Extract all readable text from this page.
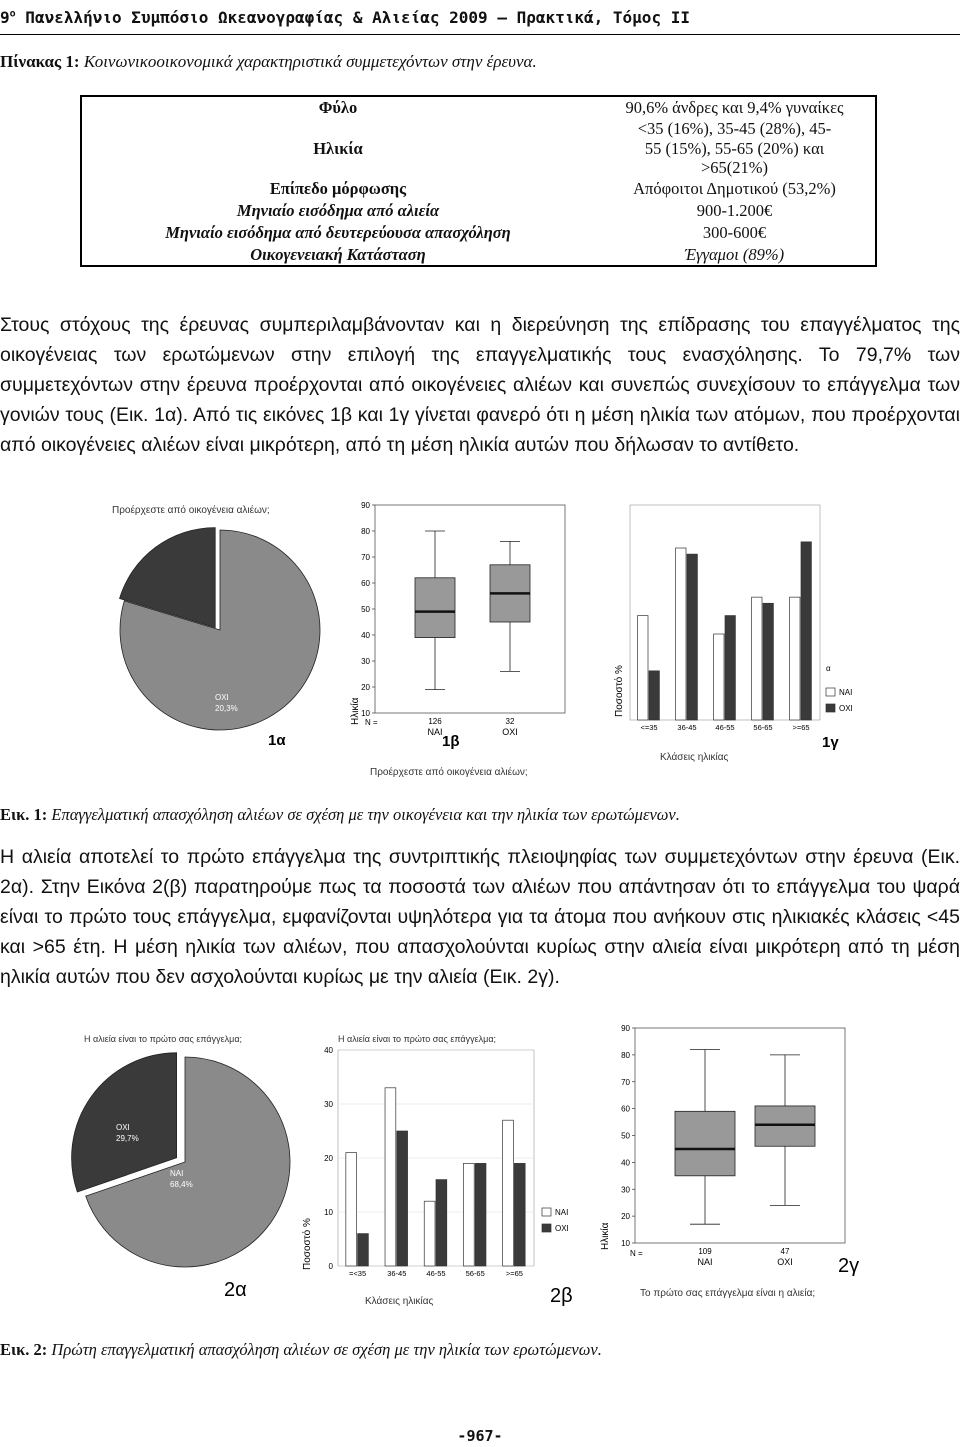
$9^o$ Πανελλήνιο Συμπόσιο Ωκεανογραφίας & Αλιείας 2009 – Πρακτικά, Τόμος ΙΙ
Πίνακας 1: Κοινωνικοοικονομικά χαρακτηριστικά συμμετεχόντων στην έρευνα.
Φύλο	90,6% άνδρες και 9,4% γυναίκες
Ηλικία	<35 (16%), 35-45 (28%), 45-55 (15%), 55-65 (20%) και >65(21%)
Επίπεδο μόρφωσης	Απόφοιτοι Δημοτικού (53,2%)
Μηνιαίο εισόδημα από αλιεία	900-1.200€
Μηνιαίο εισόδημα από δευτερεύουσα απασχόληση	300-600€
Οικογενειακή Κατάσταση	Έγγαμοι (89%)

Στους στόχους της έρευνας συμπεριλαμβάνονταν και η διερεύνηση της επίδρασης του επαγγέλματος της οικογένειας των ερωτώμενων στην επιλογή της επαγγελματικής τους ενασχόλησης. Το 79,7% των συμμετεχόντων στην έρευνα προέρχονται από οικογένειες αλιέων και συνεπώς συνεχίσουν το επάγγελμα των γονιών τους (Εικ. 1α). Από τις εικόνες 1β και 1γ γίνεται φανερό ότι η μέση ηλικία των ατόμων, που προέρχονται από οικογένειες αλιέων είναι μικρότερη, από τη μέση ηλικία αυτών που δήλωσαν το αντίθετο.

Προέρχεστε από οικογένεια αλιέων;
1α
ΟΧΙ
20,3%	Ηλικία N =
1β
Προέρχεστε από οικογένεια αλιέων;
10
20
30
40
50
60
70
80
90
126
ΝΑΙ
32
ΟΧΙ
Ποσοστό %
Κλάσεις ηλικίας
α
1γ
<=35	36-45	46-55	56-65	>=65
ΝΑΙ
ΟΧΙ
Εικ. 1: Επαγγελματική απασχόληση αλιέων σε σχέση με την οικογένεια και την ηλικία των ερωτώμενων.

Η αλιεία αποτελεί το πρώτο επάγγελμα της συντριπτικής πλειοψηφίας των συμμετεχόντων στην έρευνα (Εικ. 2α). Στην Εικόνα 2(β) παρατηρούμε πως τα ποσοστά των αλιέων που απάντησαν ότι το επάγγελμα του ψαρά είναι το πρώτο τους επάγγελμα, εμφανίζονται υψηλότερα για τα άτομα που ανήκουν στις ηλικιακές κλάσεις <45 και >65 έτη. Η μέση ηλικία των αλιέων, που απασχολούνται κυρίως στην αλιεία είναι μικρότερη από τη μέση ηλικία αυτών που δεν ασχολούνται κυρίως με την αλιεία (Εικ. 2γ).

Η αλιεία είναι το πρώτο σας επάγγελμα;
2α
ΝΑΙ
68,4%
ΟΧΙ
29,7%
Η αλιεία είναι το πρώτο σας επάγγελμα;
Ποσοστό %
Κλάσεις ηλικίας	2β
0
10
20
30
40
=<35	36-45	46-55	56-65	>=65
ΝΑΙ
ΟΧΙ	Ηλικία
N =
2γ
Το πρώτο σας επάγγελμα είναι η αλιεία;
10
20
30
40
50
60
70
80
90
109
ΝΑΙ
47
ΟΧΙ
Εικ. 2: Πρώτη επαγγελματική απασχόληση αλιέων σε σχέση με την ηλικία των ερωτώμενων.
-967-
